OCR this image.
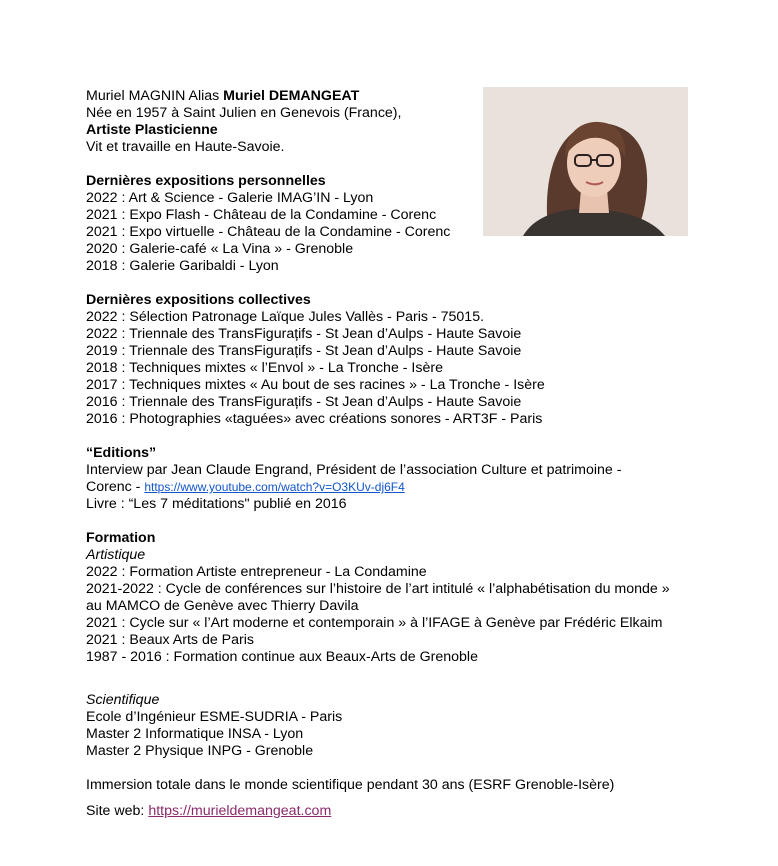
Muriel MAGNIN Alias Muriel DEMANGEAT
Née en 1957 à Saint Julien en Genevois (France),
Artiste Plasticienne
Vit et travaille en Haute-Savoie.
Dernières expositions personnelles
2022 : Art & Science - Galerie IMAG’IN - Lyon
2021 : Expo Flash - Château de la Condamine - Corenc
2021 : Expo virtuelle - Château de la Condamine - Corenc
2020 : Galerie-café « La Vina » - Grenoble
2018 : Galerie Garibaldi - Lyon
Dernières expositions collectives
2022 : Sélection Patronage Laïque Jules Vallès - Paris - 75015.
2022 : Triennale des TransFigurațifs - St Jean d’Aulps - Haute Savoie
2019 : Triennale des TransFigurațifs - St Jean d’Aulps - Haute Savoie
2018 : Techniques mixtes « l’Envol » - La Tronche - Isère
2017 : Techniques mixtes « Au bout de ses racines » - La Tronche - Isère
2016 : Triennale des TransFigurațifs - St Jean d’Aulps - Haute Savoie
2016 : Photographies «taguées» avec créations sonores - ART3F - Paris
“Editions”
Interview par Jean Claude Engrand, Président de l’association Culture et patrimoine -
Corenc - https://www.youtube.com/watch?v=O3KUv-dj6F4
Livre : “Les 7 méditations" publié en 2016
Formation
Artistique
2022 : Formation Artiste entrepreneur - La Condamine
2021-2022 : Cycle de conférences sur l’histoire de l’art intitulé « l’alphabétisation du monde »
au MAMCO de Genève avec Thierry Davila
2021 : Cycle sur « l’Art moderne et contemporain » à l’IFAGE à Genève par Frédéric Elkaim
2021 : Beaux Arts de Paris
1987 - 2016 : Formation continue aux Beaux-Arts de Grenoble
Scientifique
Ecole d’Ingénieur ESME-SUDRIA - Paris
Master 2 Informatique INSA - Lyon
Master 2 Physique INPG - Grenoble
Immersion totale dans le monde scientifique pendant 30 ans (ESRF Grenoble-Isère)
Site web: https://murieldemangeat.com
